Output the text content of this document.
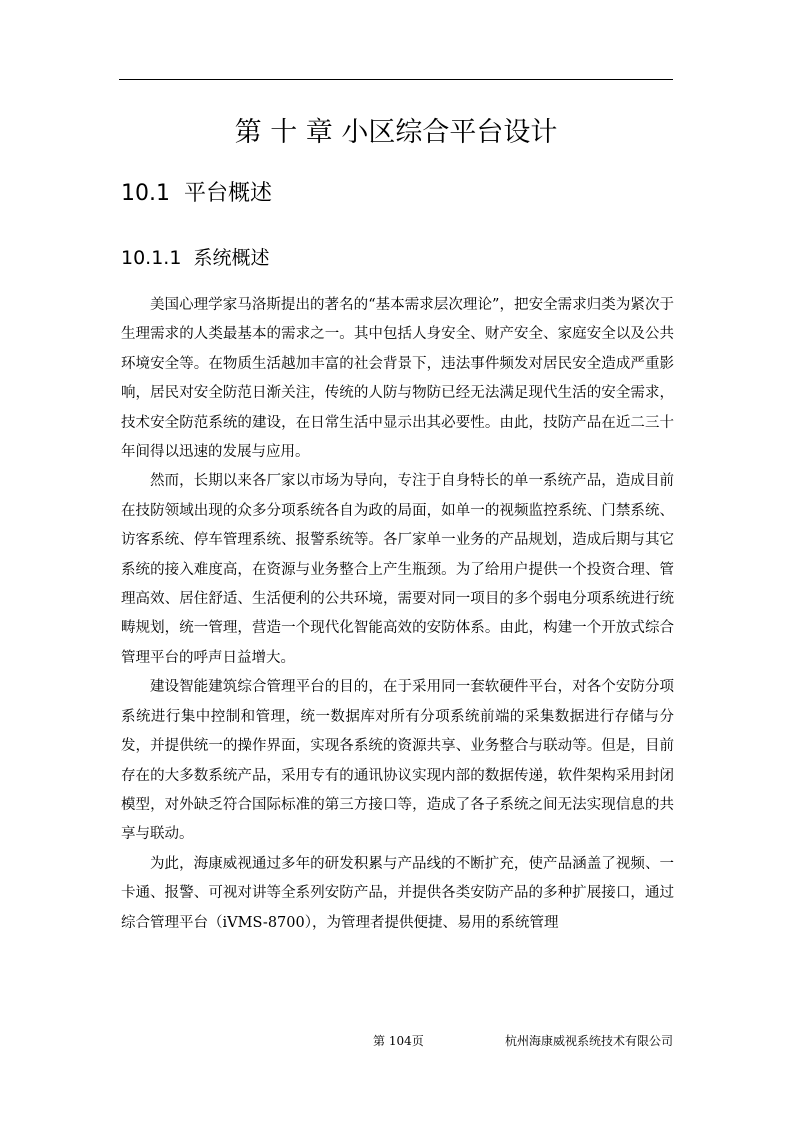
第 十 章 小区综合平台设计
10.1 平台概述
10.1.1 系统概述

美国心理学家马洛斯提出的著名的“基本需求层次理论”，把安全需求归类为紧次于生理需求的人类最基本的需求之一。其中包括人身安全、财产安全、家庭安全以及公共环境安全等。在物质生活越加丰富的社会背景下，违法事件频发对居民安全造成严重影响，居民对安全防范日渐关注，传统的人防与物防已经无法满足现代生活的安全需求，技术安全防范系统的建设，在日常生活中显示出其必要性。由此，技防产品在近二三十年间得以迅速的发展与应用。

然而，长期以来各厂家以市场为导向，专注于自身特长的单一系统产品，造成目前在技防领域出现的众多分项系统各自为政的局面，如单一的视频监控系统、门禁系统、访客系统、停车管理系统、报警系统等。各厂家单一业务的产品规划，造成后期与其它系统的接入难度高，在资源与业务整合上产生瓶颈。为了给用户提供一个投资合理、管理高效、居住舒适、生活便利的公共环境，需要对同一项目的多个弱电分项系统进行统畴规划，统一管理，营造一个现代化智能高效的安防体系。由此，构建一个开放式综合管理平台的呼声日益增大。

建设智能建筑综合管理平台的目的，在于采用同一套软硬件平台，对各个安防分项系统进行集中控制和管理，统一数据库对所有分项系统前端的采集数据进行存储与分发，并提供统一的操作界面，实现各系统的资源共享、业务整合与联动等。但是，目前存在的大多数系统产品，采用专有的通讯协议实现内部的数据传递，软件架构采用封闭模型，对外缺乏符合国际标准的第三方接口等，造成了各子系统之间无法实现信息的共享与联动。

为此，海康威视通过多年的研发积累与产品线的不断扩充，使产品涵盖了视频、一卡通、报警、可视对讲等全系列安防产品，并提供各类安防产品的多种扩展接口，通过综合管理平台（iVMS-8700），为管理者提供便捷、易用的系统管理

第 104页	杭州海康威视系统技术有限公司
